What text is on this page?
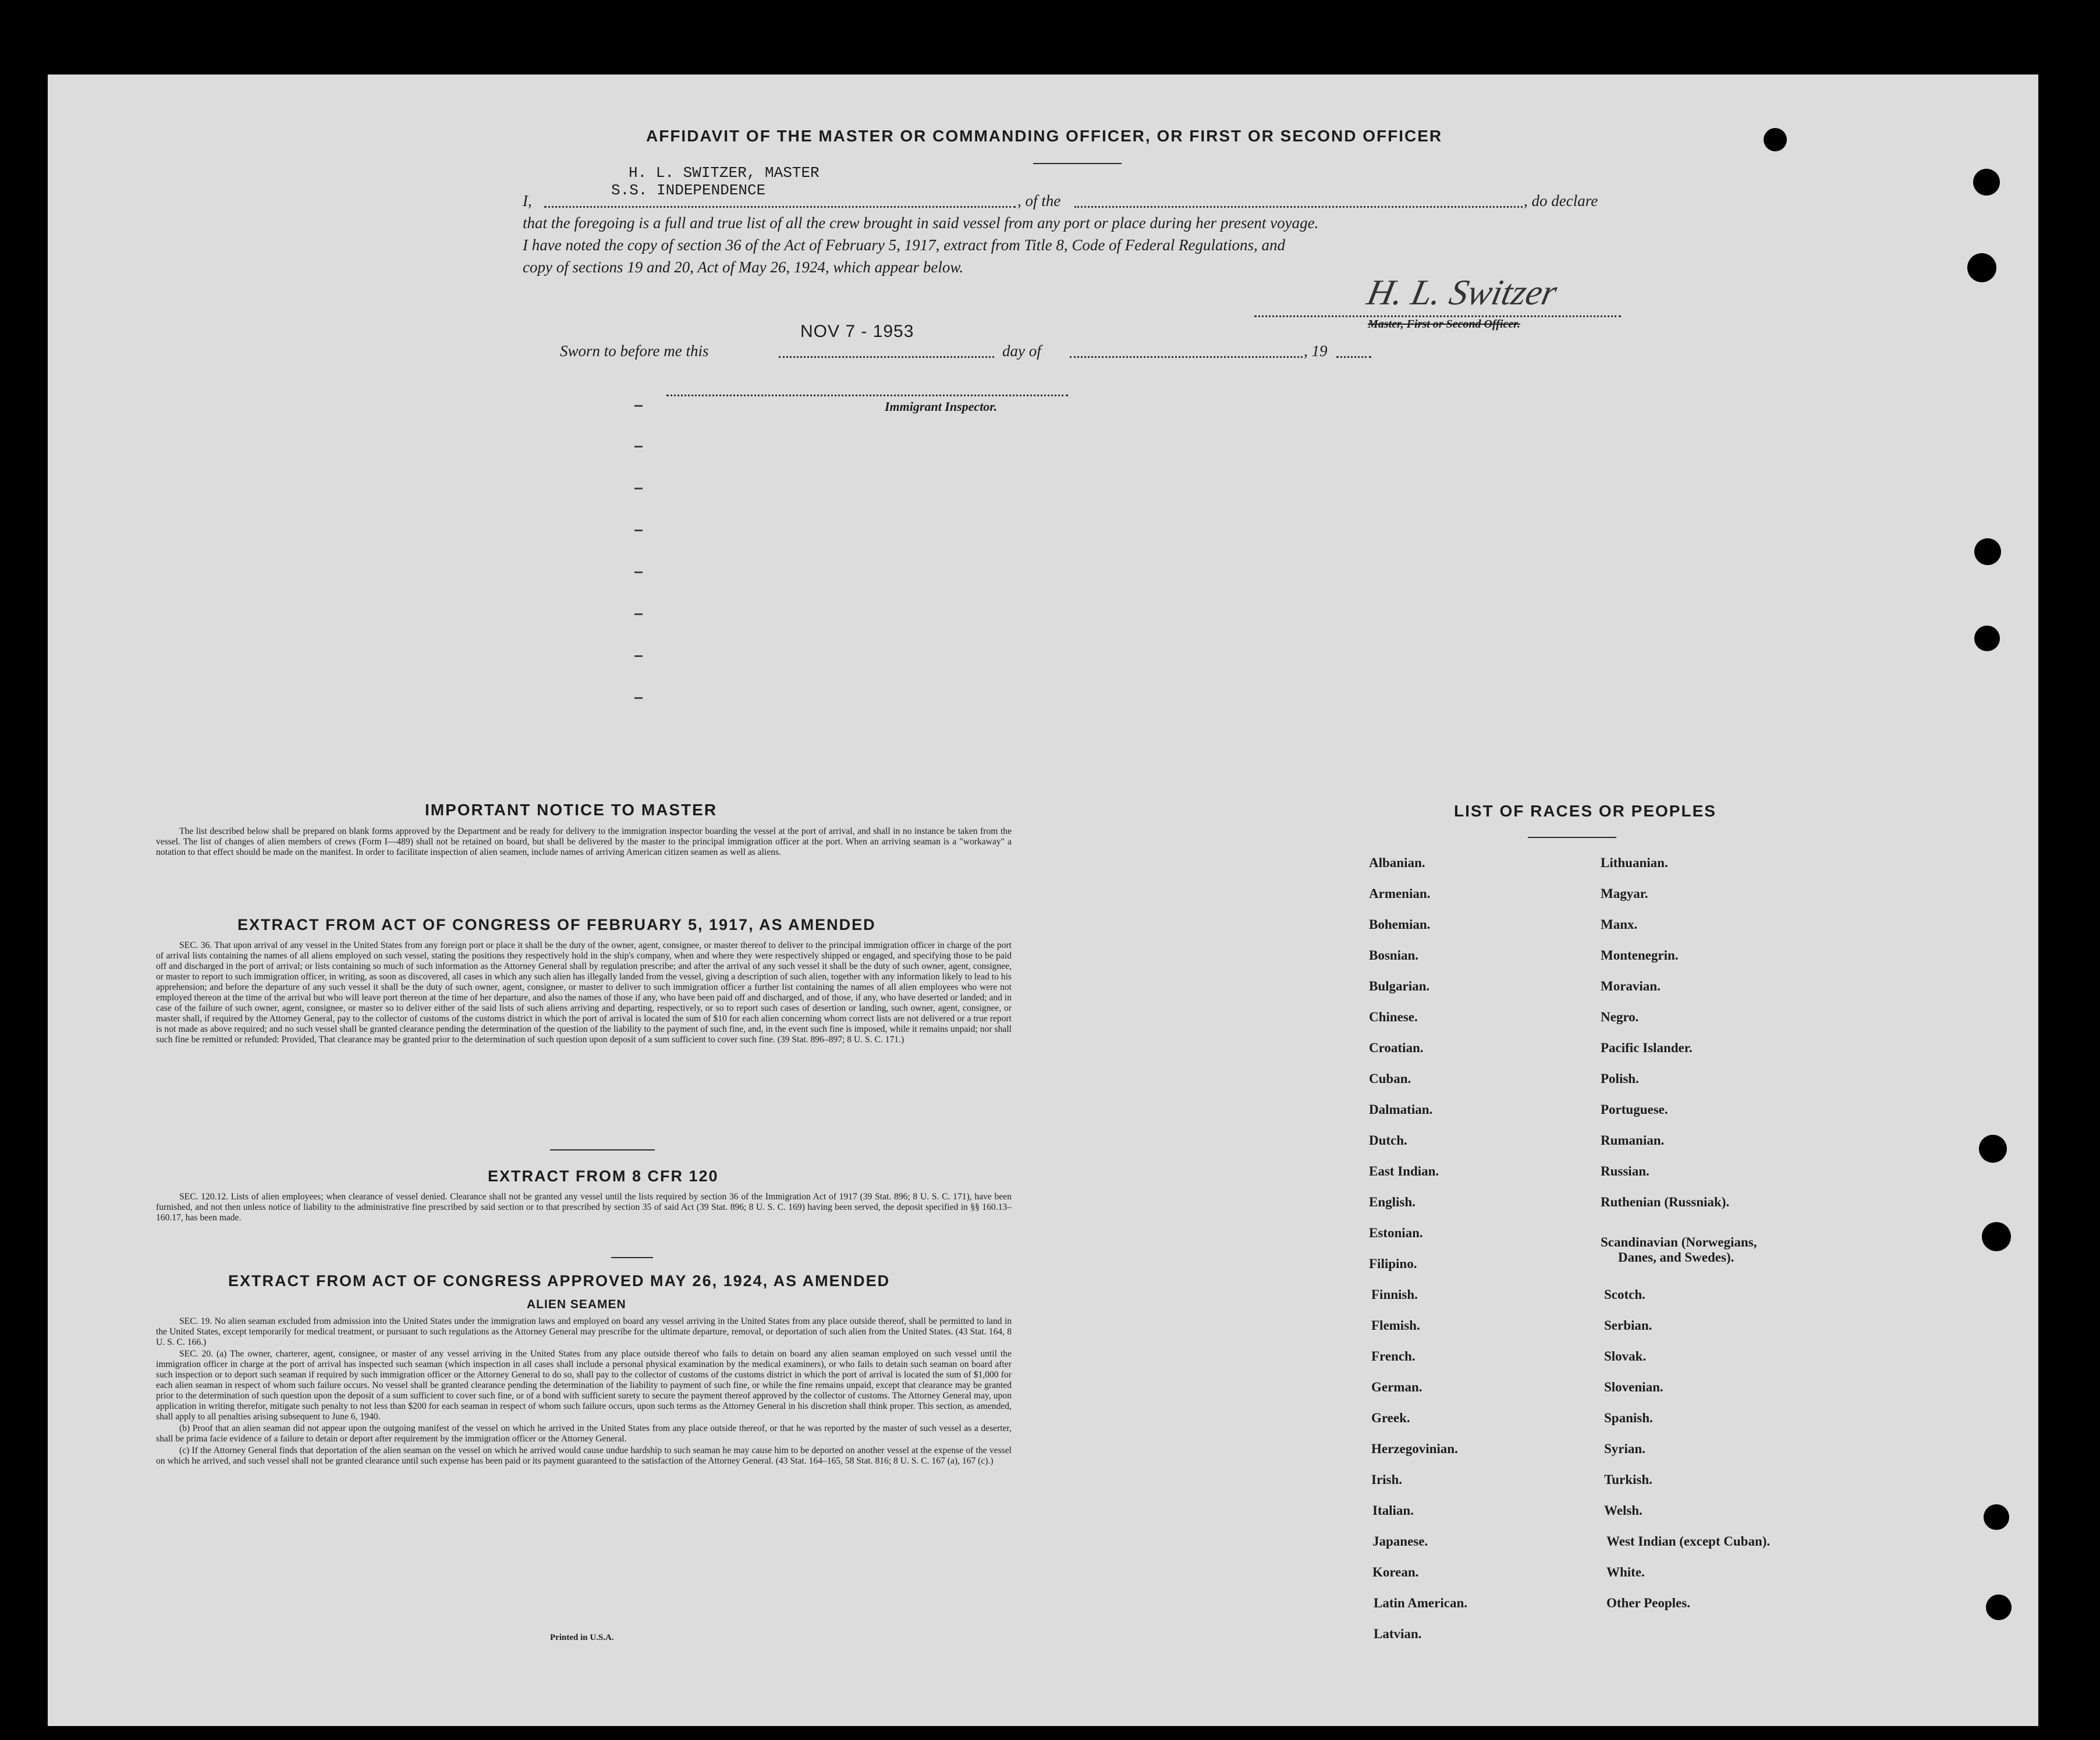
AFFIDAVIT OF THE MASTER OR COMMANDING OFFICER, OR FIRST OR SECOND OFFICER
H. L. SWITZER, MASTER
S.S. INDEPENDENCE
I,	, of the	, do declare
that the foregoing is a full and true list of all the crew brought in said vessel from any port or place during her present voyage.
I have noted the copy of section 36 of the Act of February 5, 1917, extract from Title 8, Code of Federal Regulations, and
copy of sections 19 and 20, Act of May 26, 1924, which appear below.
H. L. Switzer
Master, First or Second Officer.
Sworn to before me this
NOV 7 - 1953
day of	, 19
Immigrant Inspector.
IMPORTANT NOTICE TO MASTER

The list described below shall be prepared on blank forms approved by the Department and be ready for delivery to the immigration inspector boarding the vessel at the port of arrival, and shall in no instance be taken from the vessel. The list of changes of alien members of crews (Form I—489) shall not be retained on board, but shall be delivered by the master to the principal immigration officer at the port. When an arriving seaman is a "workaway" a notation to that effect should be made on the manifest. In order to facilitate inspection of alien seamen, include names of arriving American citizen seamen as well as aliens.

EXTRACT FROM ACT OF CONGRESS OF FEBRUARY 5, 1917, AS AMENDED

SEC. 36. That upon arrival of any vessel in the United States from any foreign port or place it shall be the duty of the owner, agent, consignee, or master thereof to deliver to the principal immigration officer in charge of the port of arrival lists containing the names of all aliens employed on such vessel, stating the positions they respectively hold in the ship's company, when and where they were respectively shipped or engaged, and specifying those to be paid off and discharged in the port of arrival; or lists containing so much of such information as the Attorney General shall by regulation prescribe; and after the arrival of any such vessel it shall be the duty of such owner, agent, consignee, or master to report to such immigration officer, in writing, as soon as discovered, all cases in which any such alien has illegally landed from the vessel, giving a description of such alien, together with any information likely to lead to his apprehension; and before the departure of any such vessel it shall be the duty of such owner, agent, consignee, or master to deliver to such immigration officer a further list containing the names of all alien employees who were not employed thereon at the time of the arrival but who will leave port thereon at the time of her departure, and also the names of those if any, who have been paid off and discharged, and of those, if any, who have deserted or landed; and in case of the failure of such owner, agent, consignee, or master so to deliver either of the said lists of such aliens arriving and departing, respectively, or so to report such cases of desertion or landing, such owner, agent, consignee, or master shall, if required by the Attorney General, pay to the collector of customs of the customs district in which the port of arrival is located the sum of $10 for each alien concerning whom correct lists are not delivered or a true report is not made as above required; and no such vessel shall be granted clearance pending the determination of the question of the liability to the payment of such fine, and, in the event such fine is imposed, while it remains unpaid; nor shall such fine be remitted or refunded: Provided, That clearance may be granted prior to the determination of such question upon deposit of a sum sufficient to cover such fine. (39 Stat. 896–897; 8 U. S. C. 171.)

EXTRACT FROM 8 CFR 120

SEC. 120.12. Lists of alien employees; when clearance of vessel denied. Clearance shall not be granted any vessel until the lists required by section 36 of the Immigration Act of 1917 (39 Stat. 896; 8 U. S. C. 171), have been furnished, and not then unless notice of liability to the administrative fine prescribed by said section or to that prescribed by section 35 of said Act (39 Stat. 896; 8 U. S. C. 169) having been served, the deposit specified in §§ 160.13–160.17, has been made.

EXTRACT FROM ACT OF CONGRESS APPROVED MAY 26, 1924, AS AMENDED
ALIEN SEAMEN

SEC. 19. No alien seaman excluded from admission into the United States under the immigration laws and employed on board any vessel arriving in the United States from any place outside thereof, shall be permitted to land in the United States, except temporarily for medical treatment, or pursuant to such regulations as the Attorney General may prescribe for the ultimate departure, removal, or deportation of such alien from the United States. (43 Stat. 164, 8 U. S. C. 166.)

SEC. 20. (a) The owner, charterer, agent, consignee, or master of any vessel arriving in the United States from any place outside thereof who fails to detain on board any alien seaman employed on such vessel until the immigration officer in charge at the port of arrival has inspected such seaman (which inspection in all cases shall include a personal physical examination by the medical examiners), or who fails to detain such seaman on board after such inspection or to deport such seaman if required by such immigration officer or the Attorney General to do so, shall pay to the collector of customs of the customs district in which the port of arrival is located the sum of $1,000 for each alien seaman in respect of whom such failure occurs. No vessel shall be granted clearance pending the determination of the liability to payment of such fine, or while the fine remains unpaid, except that clearance may be granted prior to the determination of such question upon the deposit of a sum sufficient to cover such fine, or of a bond with sufficient surety to secure the payment thereof approved by the collector of customs. The Attorney General may, upon application in writing therefor, mitigate such penalty to not less than $200 for each seaman in respect of whom such failure occurs, upon such terms as the Attorney General in his discretion shall think proper. This section, as amended, shall apply to all penalties arising subsequent to June 6, 1940.

(b) Proof that an alien seaman did not appear upon the outgoing manifest of the vessel on which he arrived in the United States from any place outside thereof, or that he was reported by the master of such vessel as a deserter, shall be prima facie evidence of a failure to detain or deport after requirement by the immigration officer or the Attorney General.

(c) If the Attorney General finds that deportation of the alien seaman on the vessel on which he arrived would cause undue hardship to such seaman he may cause him to be deported on another vessel at the expense of the vessel on which he arrived, and such vessel shall not be granted clearance until such expense has been paid or its payment guaranteed to the satisfaction of the Attorney General. (43 Stat. 164–165, 58 Stat. 816; 8 U. S. C. 167 (a), 167 (c).)

Printed in U.S.A.
LIST OF RACES OR PEOPLES
Albanian.
Armenian.
Bohemian.
Bosnian.
Bulgarian.
Chinese.
Croatian.
Cuban.
Dalmatian.
Dutch.
East Indian.
English.
Estonian.
Filipino.
Finnish.
Flemish.
French.
German.
Greek.
Herzegovinian.
Irish.
Italian.
Japanese.
Korean.
Latin American.
Latvian.
Lithuanian.
Magyar.
Manx.
Montenegrin.
Moravian.
Negro.
Pacific Islander.
Polish.
Portuguese.
Rumanian.
Russian.
Ruthenian (Russniak).
Scandinavian (Norwegians,
Danes, and Swedes).
Scotch.
Serbian.
Slovak.
Slovenian.
Spanish.
Syrian.
Turkish.
Welsh.
West Indian (except Cuban).
White.
Other Peoples.
